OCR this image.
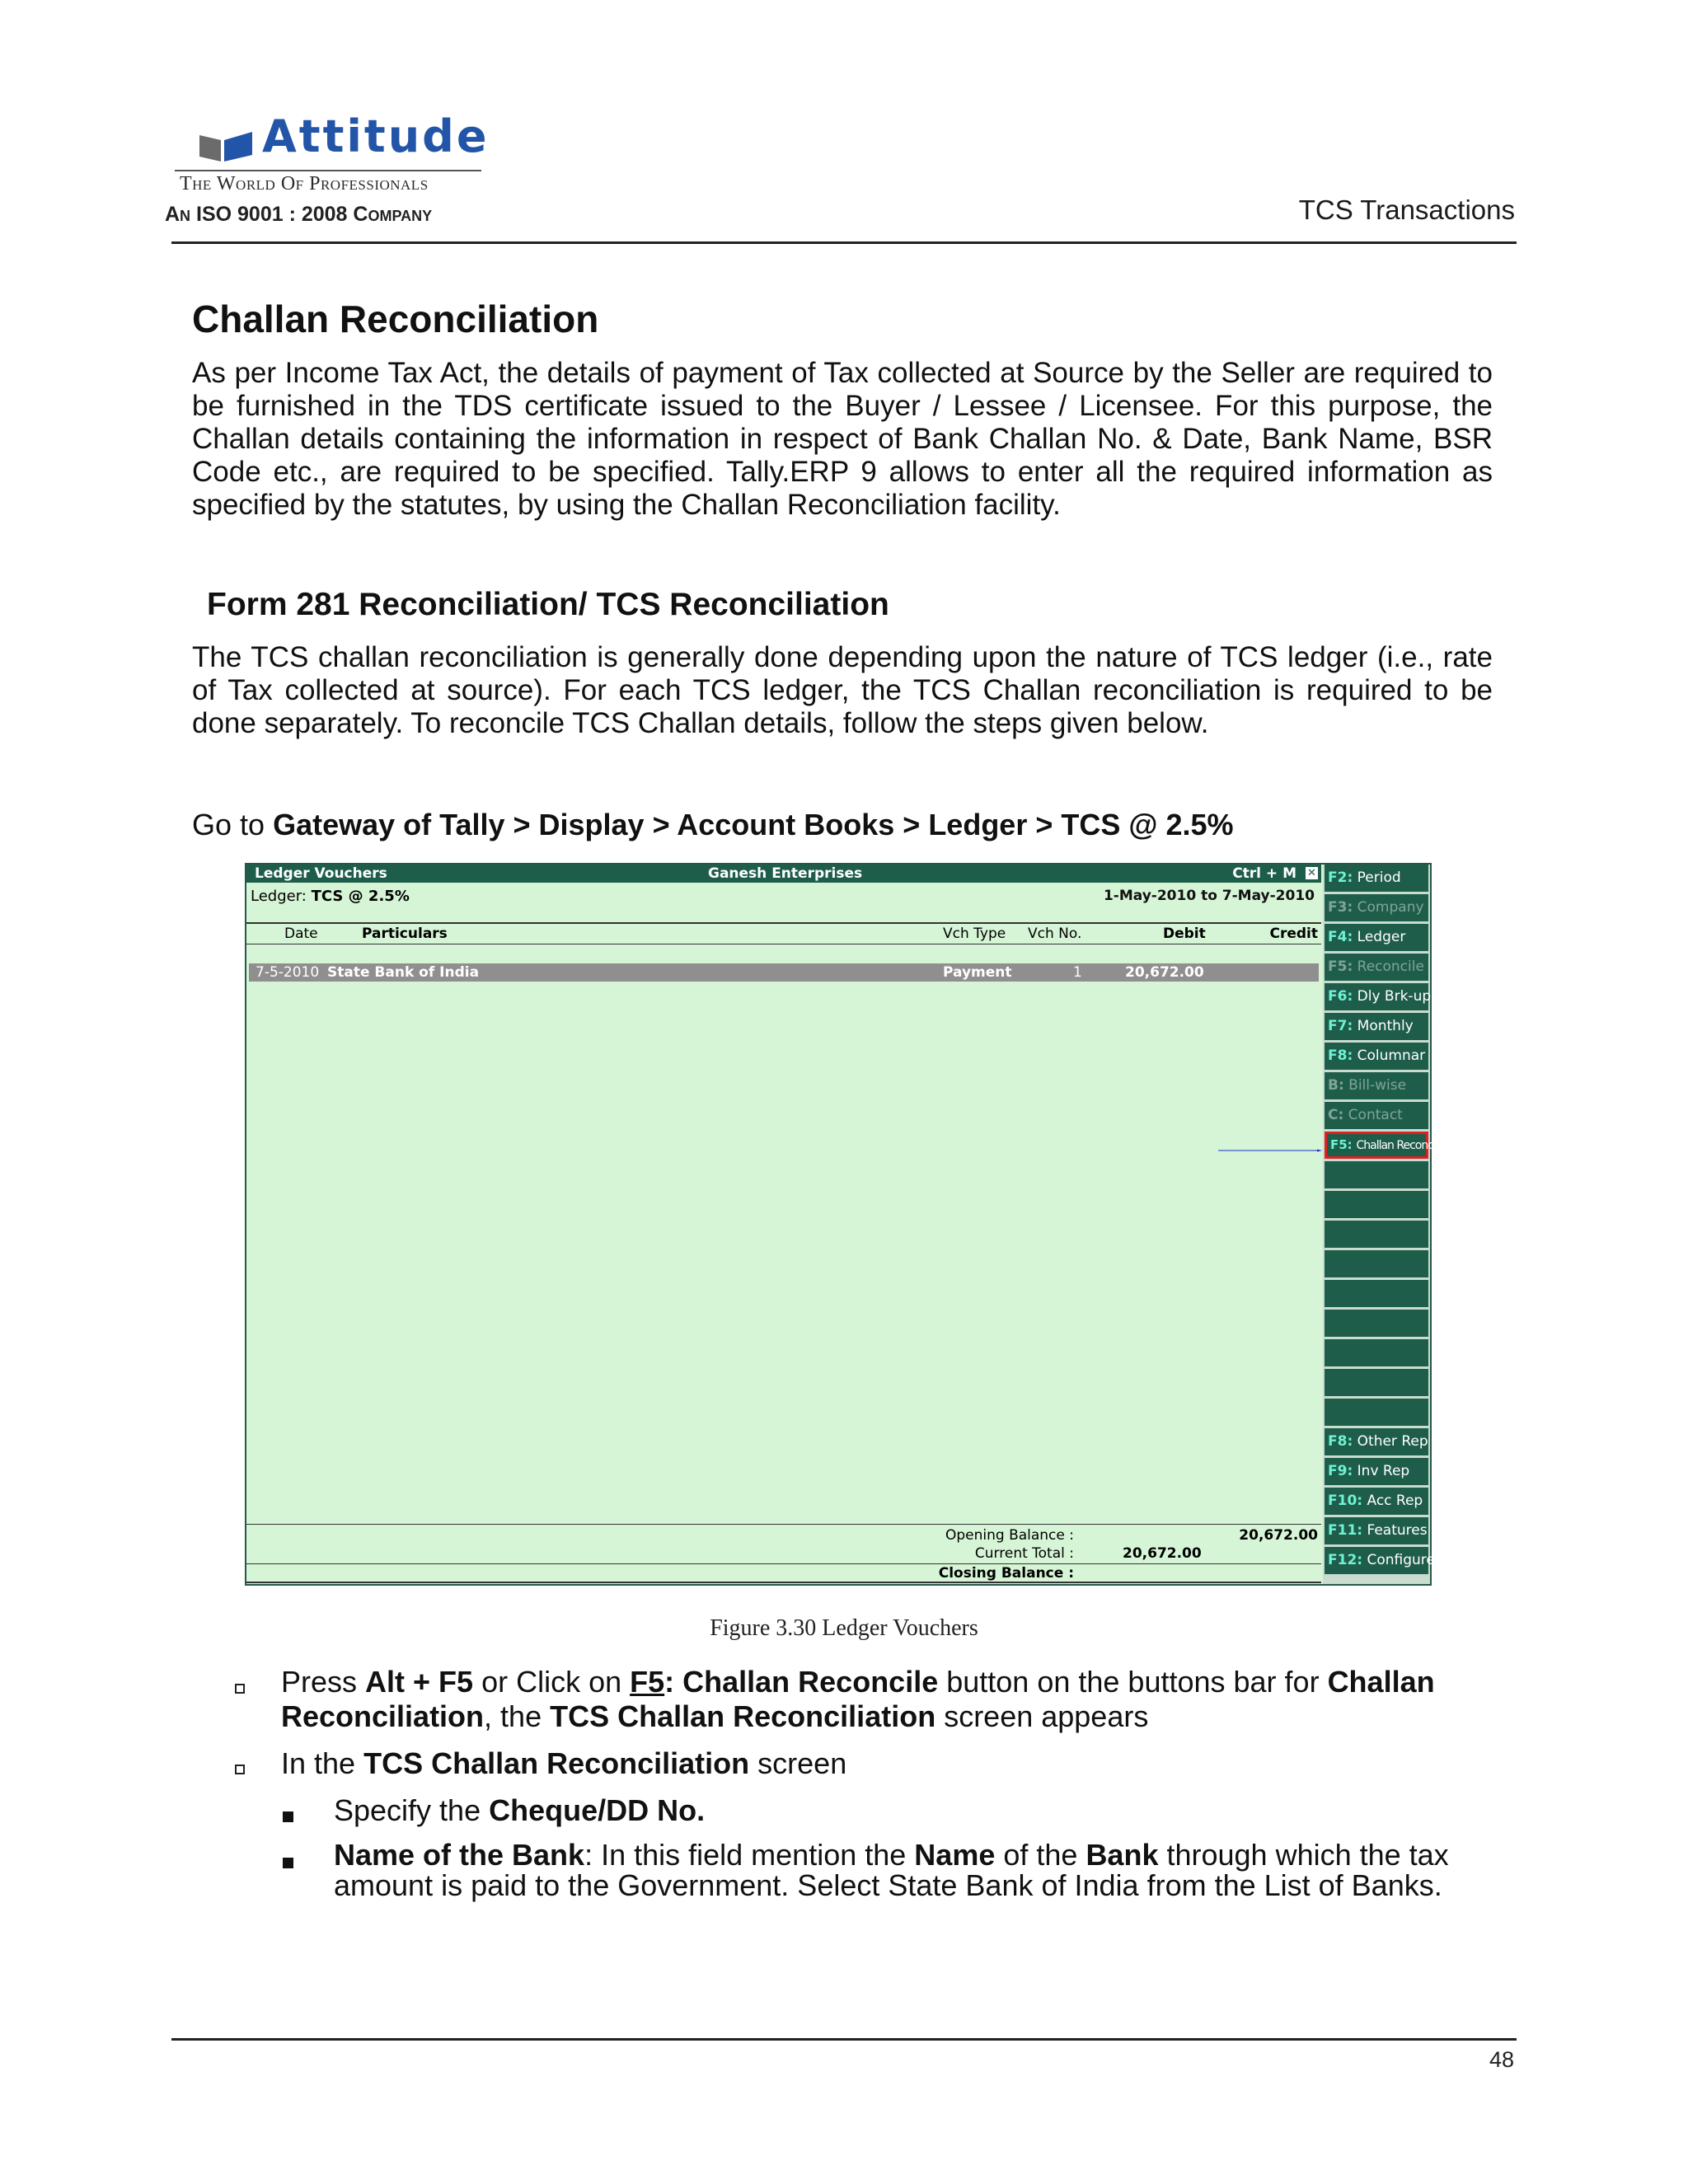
Attitude
The World Of Professionals
An ISO 9001 : 2008 Company	TCS Transactions
Challan Reconciliation

As per Income Tax Act, the details of payment of Tax collected at Source by the Seller are required to be furnished in the TDS certificate issued to the Buyer / Lessee / Licensee. For this purpose, the Challan details containing the information in respect of Bank Challan No. & Date, Bank Name, BSR Code etc., are required to be specified. Tally.ERP 9 allows to enter all the required information as specified by the statutes, by using the Challan Reconciliation facility.

Form 281 Reconciliation/ TCS Reconciliation

The TCS challan reconciliation is generally done depending upon the nature of TCS ledger (i.e., rate of Tax collected at source). For each TCS ledger, the TCS Challan reconciliation is required to be done separately. To reconcile TCS Challan details, follow the steps given below.

Go to Gateway of Tally > Display > Account Books > Ledger > TCS @ 2.5%
Ledger Vouchers	Ganesh Enterprises	Ctrl + M ✕
Ledger: TCS @ 2.5%	1-May-2010 to 7-May-2010
Date	Particulars	Vch Type Vch No.	Debit	Credit
7-5-2010 State Bank of India	Payment	1	20,672.00
Opening Balance :	20,672.00
Current Total :	20,672.00
Closing Balance :
F2: Period
F3: Company
F4: Ledger
F5: Reconcile
F6: Dly Brk-up
F7: Monthly
F8: Columnar
B: Bill-wise
C: Contact
F5: Challan Reconcile
F8: Other Rep
F9: Inv Rep
F10: Acc Rep
F11: Features
F12: Configure
Figure 3.30 Ledger Vouchers
Press Alt + F5 or Click on F5: Challan Reconcile button on the buttons bar for Challan Reconciliation, the TCS Challan Reconciliation screen appears
In the TCS Challan Reconciliation screen
Specify the Cheque/DD No.
Name of the Bank: In this field mention the Name of the Bank through which the tax amount is paid to the Government. Select State Bank of India from the List of Banks.
48
